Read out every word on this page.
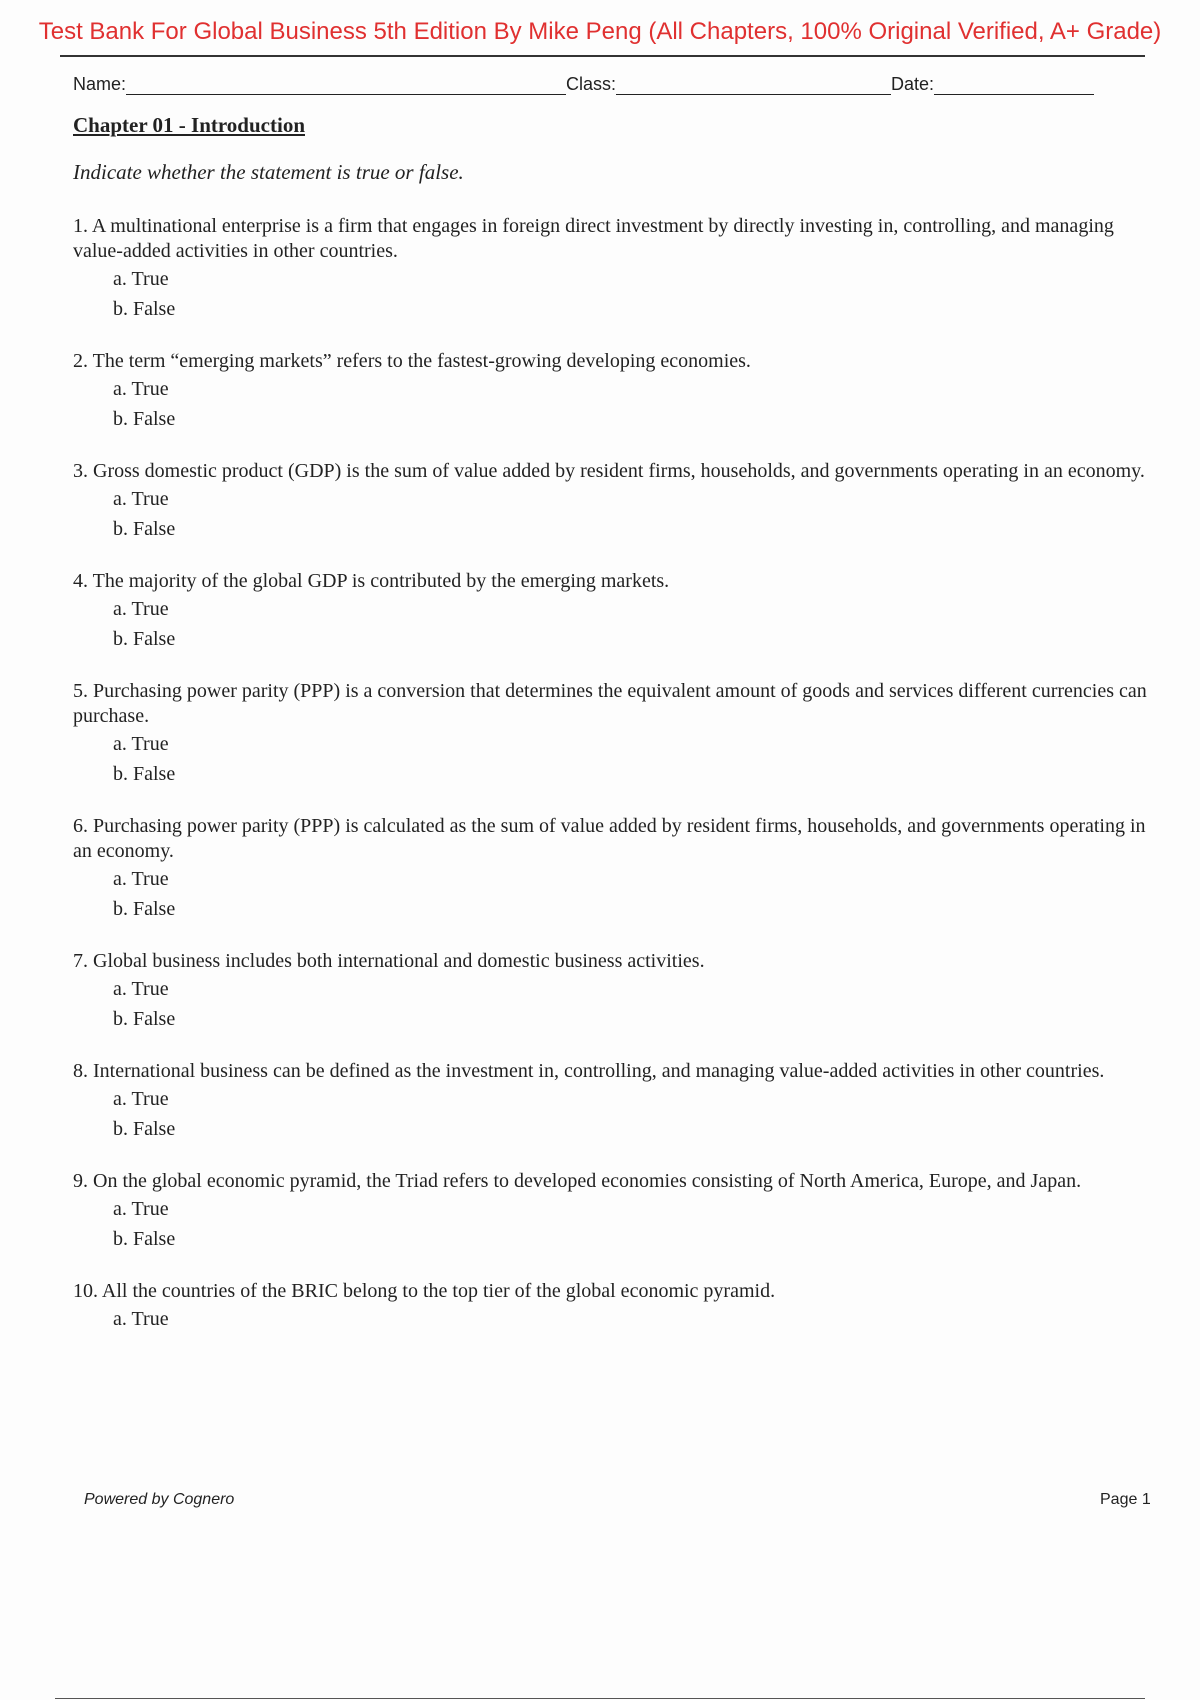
Test Bank For Global Business 5th Edition By Mike Peng (All Chapters, 100% Original Verified, A+ Grade)
Name:	Class:	Date:
Chapter 01 - Introduction
Indicate whether the statement is true or false.
1. A multinational enterprise is a firm that engages in foreign direct investment by directly investing in, controlling, and managing value-added activities in other countries.
a. True
b. False
2. The term “emerging markets” refers to the fastest-growing developing economies.
a. True
b. False
3. Gross domestic product (GDP) is the sum of value added by resident firms, households, and governments operating in an economy.
a. True
b. False
4. The majority of the global GDP is contributed by the emerging markets.
a. True
b. False
5. Purchasing power parity (PPP) is a conversion that determines the equivalent amount of goods and services different currencies can purchase.
a. True
b. False
6. Purchasing power parity (PPP) is calculated as the sum of value added by resident firms, households, and governments operating in an economy.
a. True
b. False
7. Global business includes both international and domestic business activities.
a. True
b. False
8. International business can be defined as the investment in, controlling, and managing value-added activities in other countries.
a. True
b. False
9. On the global economic pyramid, the Triad refers to developed economies consisting of North America, Europe, and Japan.
a. True
b. False
10. All the countries of the BRIC belong to the top tier of the global economic pyramid.
a. True
Powered by Cognero	Page 1
